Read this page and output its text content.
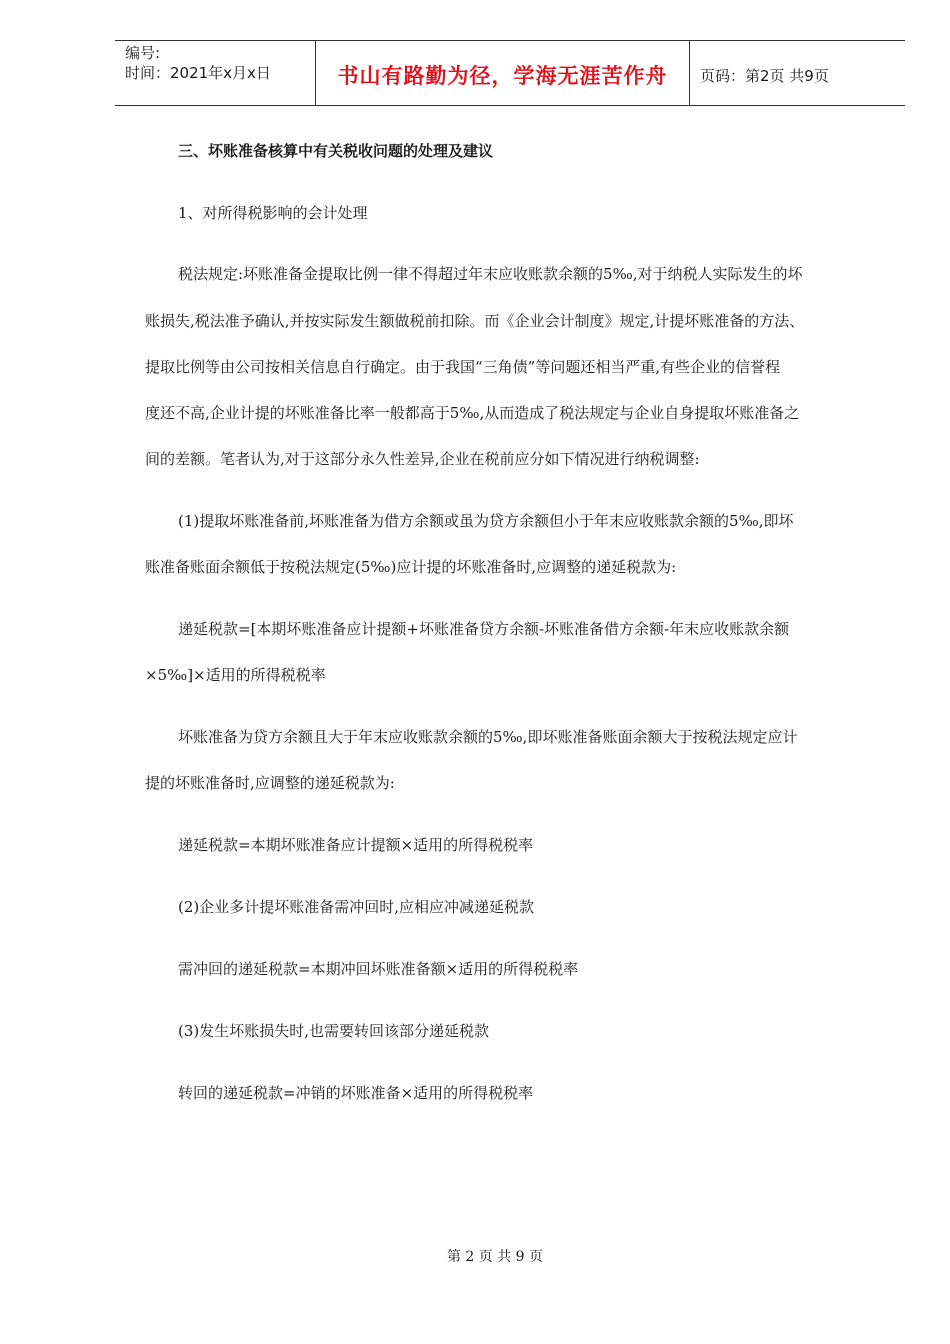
编号:
时间：2021年x月x日	书山有路勤为径，学海无涯苦作舟 页码：第2页 共9页
三、坏账准备核算中有关税收问题的处理及建议
1、对所得税影响的会计处理
税法规定:坏账准备金提取比例一律不得超过年末应收账款余额的5‰,对于纳税人实际发生的坏
账损失,税法准予确认,并按实际发生额做税前扣除。而《企业会计制度》规定,计提坏账准备的方法、
提取比例等由公司按相关信息自行确定。由于我国“三角债”等问题还相当严重,有些企业的信誉程
度还不高,企业计提的坏账准备比率一般都高于5‰,从而造成了税法规定与企业自身提取坏账准备之
间的差额。笔者认为,对于这部分永久性差异,企业在税前应分如下情况进行纳税调整:
(1)提取坏账准备前,坏账准备为借方余额或虽为贷方余额但小于年末应收账款余额的5‰,即坏
账准备账面余额低于按税法规定(5‰)应计提的坏账准备时,应调整的递延税款为:
递延税款=[本期坏账准备应计提额+坏账准备贷方余额-坏账准备借方余额-年末应收账款余额
×5‰]×适用的所得税税率
坏账准备为贷方余额且大于年末应收账款余额的5‰,即坏账准备账面余额大于按税法规定应计
提的坏账准备时,应调整的递延税款为:
递延税款=本期坏账准备应计提额×适用的所得税税率
(2)企业多计提坏账准备需冲回时,应相应冲减递延税款
需冲回的递延税款=本期冲回坏账准备额×适用的所得税税率
(3)发生坏账损失时,也需要转回该部分递延税款
转回的递延税款=冲销的坏账准备×适用的所得税税率
第 2 页 共 9 页
